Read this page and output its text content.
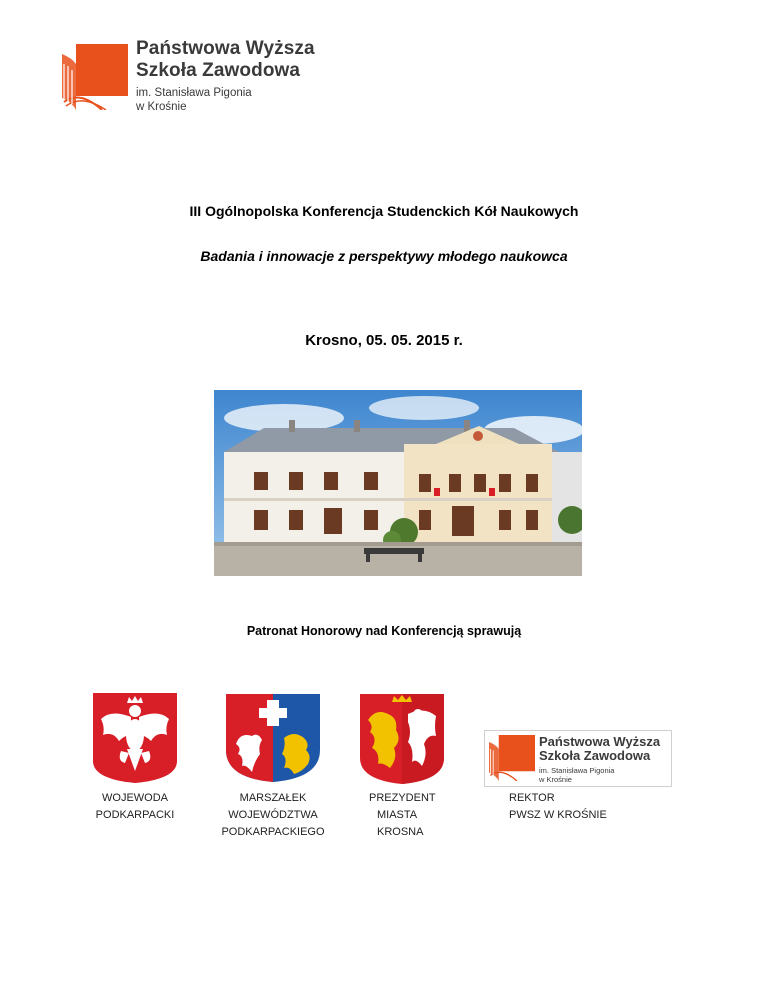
Państwowa Wyższa
Szkoła Zawodowa
im. Stanisława Pigonia
w Krośnie
III Ogólnopolska Konferencja Studenckich Kół Naukowych
Badania i innowacje z perspektywy młodego naukowca
Krosno, 05. 05. 2015 r.
Patronat Honorowy nad Konferencją sprawują
WOJEWODA
PODKARPACKI
MARSZAŁEK
WOJEWÓDZTWA
PODKARPACKIEGO
PREZYDENT
MIASTA
KROSNA
Państwowa Wyższa
Szkoła Zawodowa
im. Stanisława Pigonia
w Krośnie
REKTOR
PWSZ W KROŚNIE
